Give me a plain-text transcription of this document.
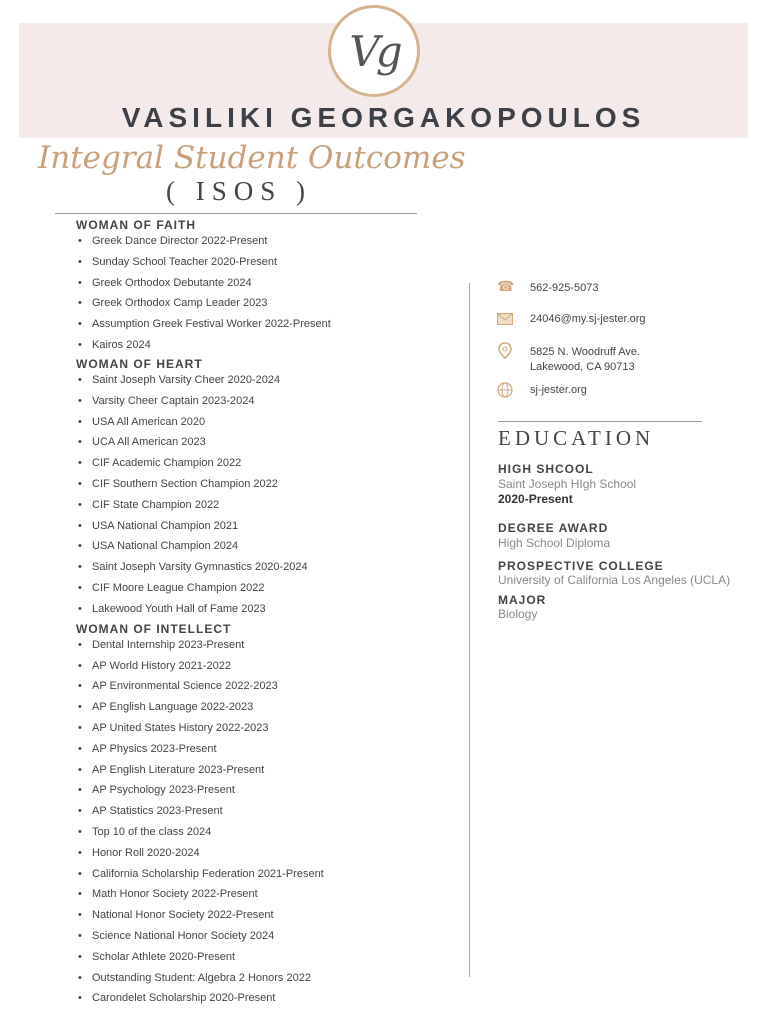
Vg
VASILIKI GEORGAKOPOULOS
Integral Student Outcomes
( ISOS )
WOMAN OF FAITH
• Greek Dance Director 2022-Present
• Sunday School Teacher 2020-Present
• Greek Orthodox Debutante 2024
• Greek Orthodox Camp Leader 2023
• Assumption Greek Festival Worker 2022-Present
• Kairos 2024
WOMAN OF HEART
• Saint Joseph Varsity Cheer 2020-2024
• Varsity Cheer Captain 2023-2024
• USA All American 2020
• UCA All American 2023
• CIF Academic Champion 2022
• CIF Southern Section Champion 2022
• CIF State Champion 2022
• USA National Champion 2021
• USA National Champion 2024
• Saint Joseph Varsity Gymnastics 2020-2024
• CIF Moore League Champion 2022
• Lakewood Youth Hall of Fame 2023
WOMAN OF INTELLECT
• Dental Internship 2023-Present
• AP World History 2021-2022
• AP Environmental Science 2022-2023
• AP English Language 2022-2023
• AP United States History 2022-2023
• AP Physics 2023-Present
• AP English Literature 2023-Present
• AP Psychology 2023-Present
• AP Statistics 2023-Present
• Top 10 of the class 2024
• Honor Roll 2020-2024
• California Scholarship Federation 2021-Present
• Math Honor Society 2022-Present
• National Honor Society 2022-Present
• Science National Honor Society 2024
• Scholar Athlete 2020-Present
• Outstanding Student: Algebra 2 Honors 2022
• Carondelet Scholarship 2020-Present
☎ 562-925-5073
24046@my.sj-jester.org
5825 N. Woodruff Ave.
Lakewood, CA 90713
sj-jester.org
EDUCATION
HIGH SHCOOL
Saint Joseph HIgh School
2020-Present
DEGREE AWARD
High School Diploma
PROSPECTIVE COLLEGE
University of California Los Angeles (UCLA)
MAJOR
Biology
